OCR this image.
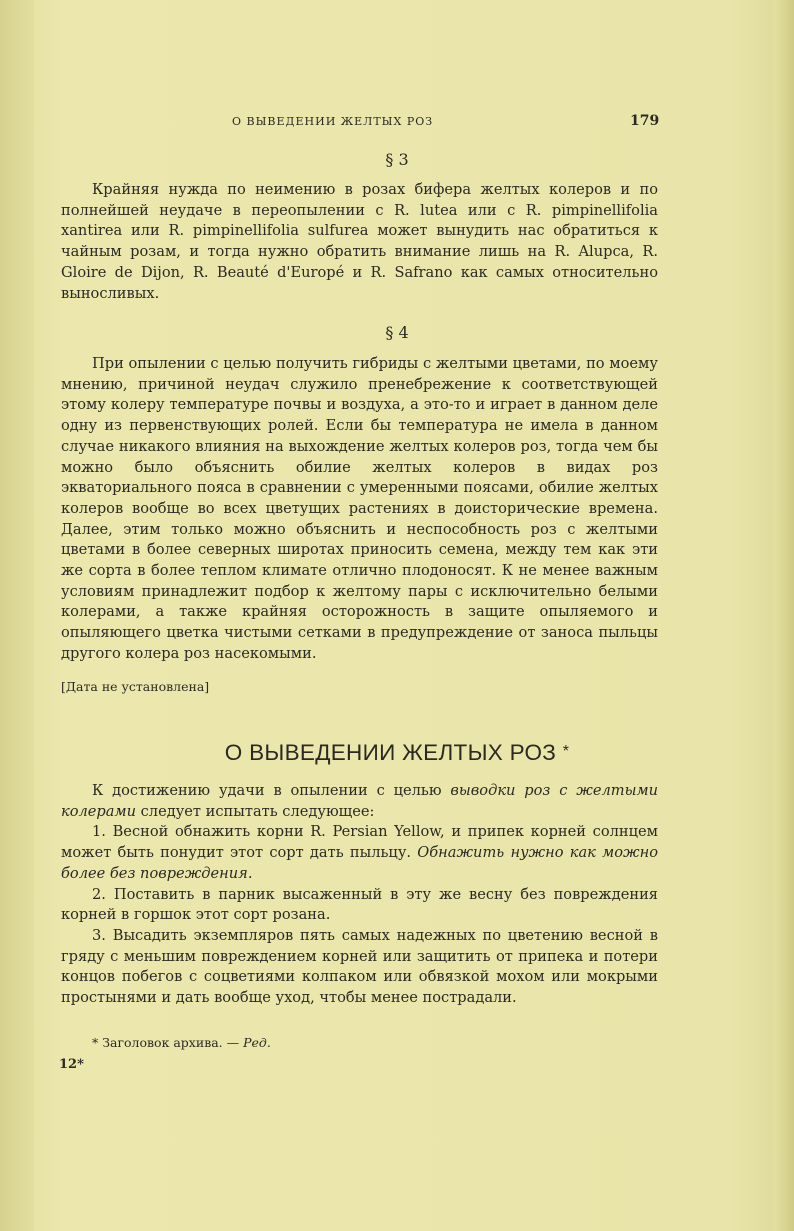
О ВЫВЕДЕНИИ ЖЕЛТЫХ РОЗ	179
§ 3

Крайняя нужда по неимению в розах бифера желтых колеров и по полнейшей неудаче в переопылении с R. lutea или с R. pimpinellifolia xantirea или R. pimpinellifolia sulfurea может вынудить нас обратиться к чайным розам, и тогда нужно обратить внимание лишь на R. Alupca, R. Gloire de Dijon, R. Beauté d'Europé и R. Safrano как самых относительно выносливых.

§ 4

При опылении с целью получить гибриды с желтыми цветами, по моему мнению, причиной неудач служило пренебрежение к соответствующей этому колеру температуре почвы и воздуха, а это-то и играет в данном деле одну из первенствующих ролей. Если бы температура не имела в данном случае никакого влияния на выхождение желтых колеров роз, тогда чем бы можно было объяснить обилие желтых колеров в видах роз экваториального пояса в сравнении с умеренными поясами, обилие желтых колеров вообще во всех цветущих растениях в доисторические времена. Далее, этим только можно объяснить и неспособность роз с желтыми цветами в более северных широтах приносить семена, между тем как эти же сорта в более теплом климате отлично плодоносят. К не менее важным условиям принадлежит подбор к желтому пары с исключительно белыми колерами, а также крайняя осторожность в защите опыляемого и опыляющего цветка чистыми сетками в предупреждение от заноса пыльцы другого колера роз насекомыми.

[Дата не установлена]
О ВЫВЕДЕНИИ ЖЕЛТЫХ РОЗ *

К достижению удачи в опылении с целью выводки роз с желтыми колерами следует испытать следующее:

1. Весной обнажить корни R. Persian Yellow, и припек корней солнцем может быть понудит этот сорт дать пыльцу. Обнажить нужно как можно более без повреждения.

2. Поставить в парник высаженный в эту же весну без повреждения корней в горшок этот сорт розана.

3. Высадить экземпляров пять самых надежных по цветению весной в гряду с меньшим повреждением корней или защитить от припека и потери концов побегов с соцветиями колпаком или обвязкой мохом или мокрыми простынями и дать вообще уход, чтобы менее пострадали.

* Заголовок архива. — Ред.
12*
